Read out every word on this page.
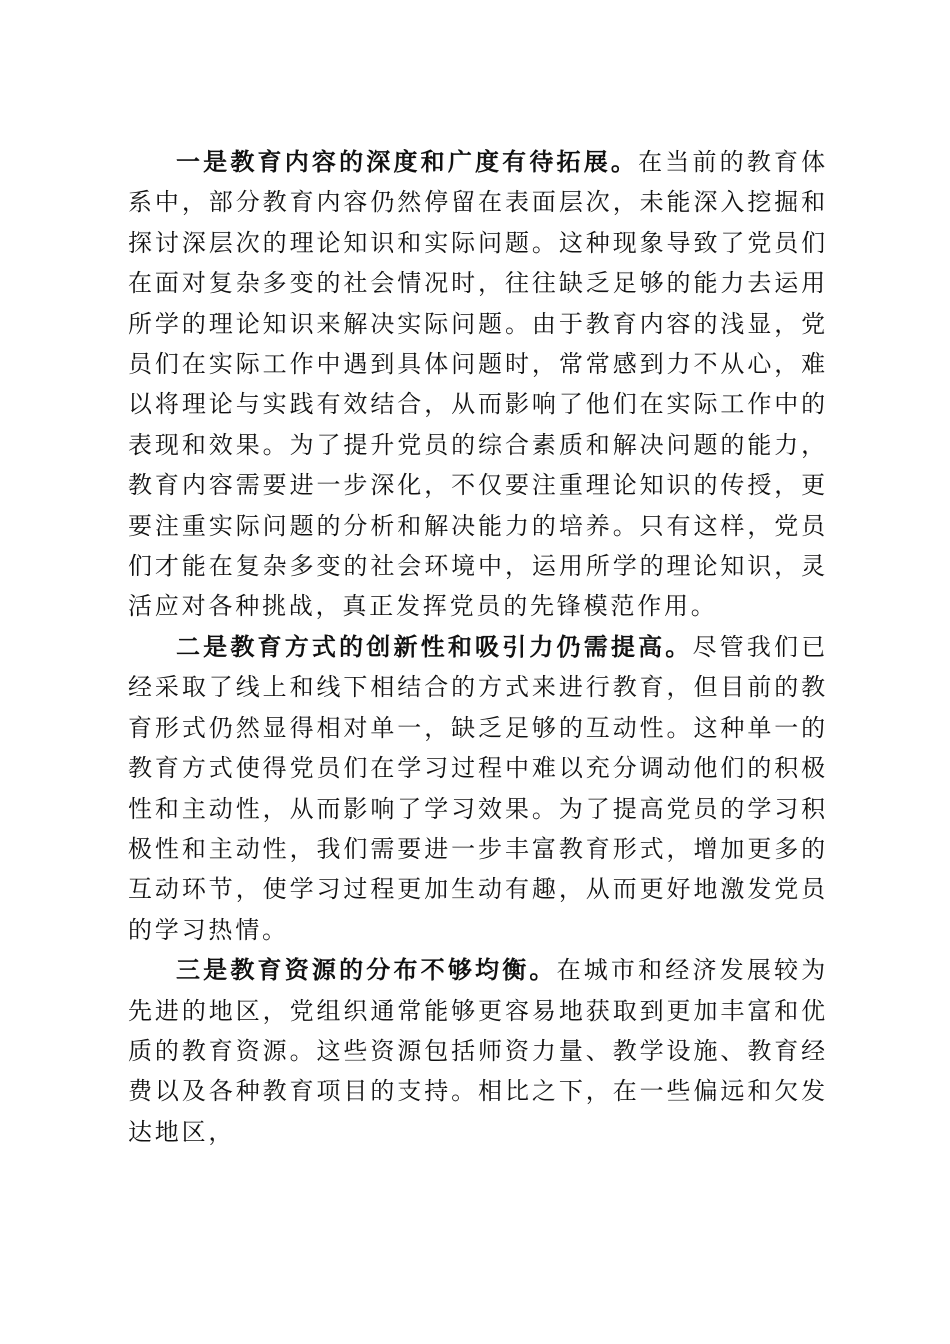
一是教育内容的深度和广度有待拓展。在当前的教育体系中，部分教育内容仍然停留在表面层次，未能深入挖掘和探讨深层次的理论知识和实际问题。这种现象导致了党员们在面对复杂多变的社会情况时，往往缺乏足够的能力去运用所学的理论知识来解决实际问题。由于教育内容的浅显，党员们在实际工作中遇到具体问题时，常常感到力不从心，难以将理论与实践有效结合，从而影响了他们在实际工作中的表现和效果。为了提升党员的综合素质和解决问题的能力，教育内容需要进一步深化，不仅要注重理论知识的传授，更要注重实际问题的分析和解决能力的培养。只有这样，党员们才能在复杂多变的社会环境中，运用所学的理论知识，灵活应对各种挑战，真正发挥党员的先锋模范作用。

二是教育方式的创新性和吸引力仍需提高。尽管我们已经采取了线上和线下相结合的方式来进行教育，但目前的教育形式仍然显得相对单一，缺乏足够的互动性。这种单一的教育方式使得党员们在学习过程中难以充分调动他们的积极性和主动性，从而影响了学习效果。为了提高党员的学习积极性和主动性，我们需要进一步丰富教育形式，增加更多的互动环节，使学习过程更加生动有趣，从而更好地激发党员的学习热情。

三是教育资源的分布不够均衡。在城市和经济发展较为先进的地区，党组织通常能够更容易地获取到更加丰富和优质的教育资源。这些资源包括师资力量、教学设施、教育经费以及各种教育项目的支持。相比之下，在一些偏远和欠发达地区，
